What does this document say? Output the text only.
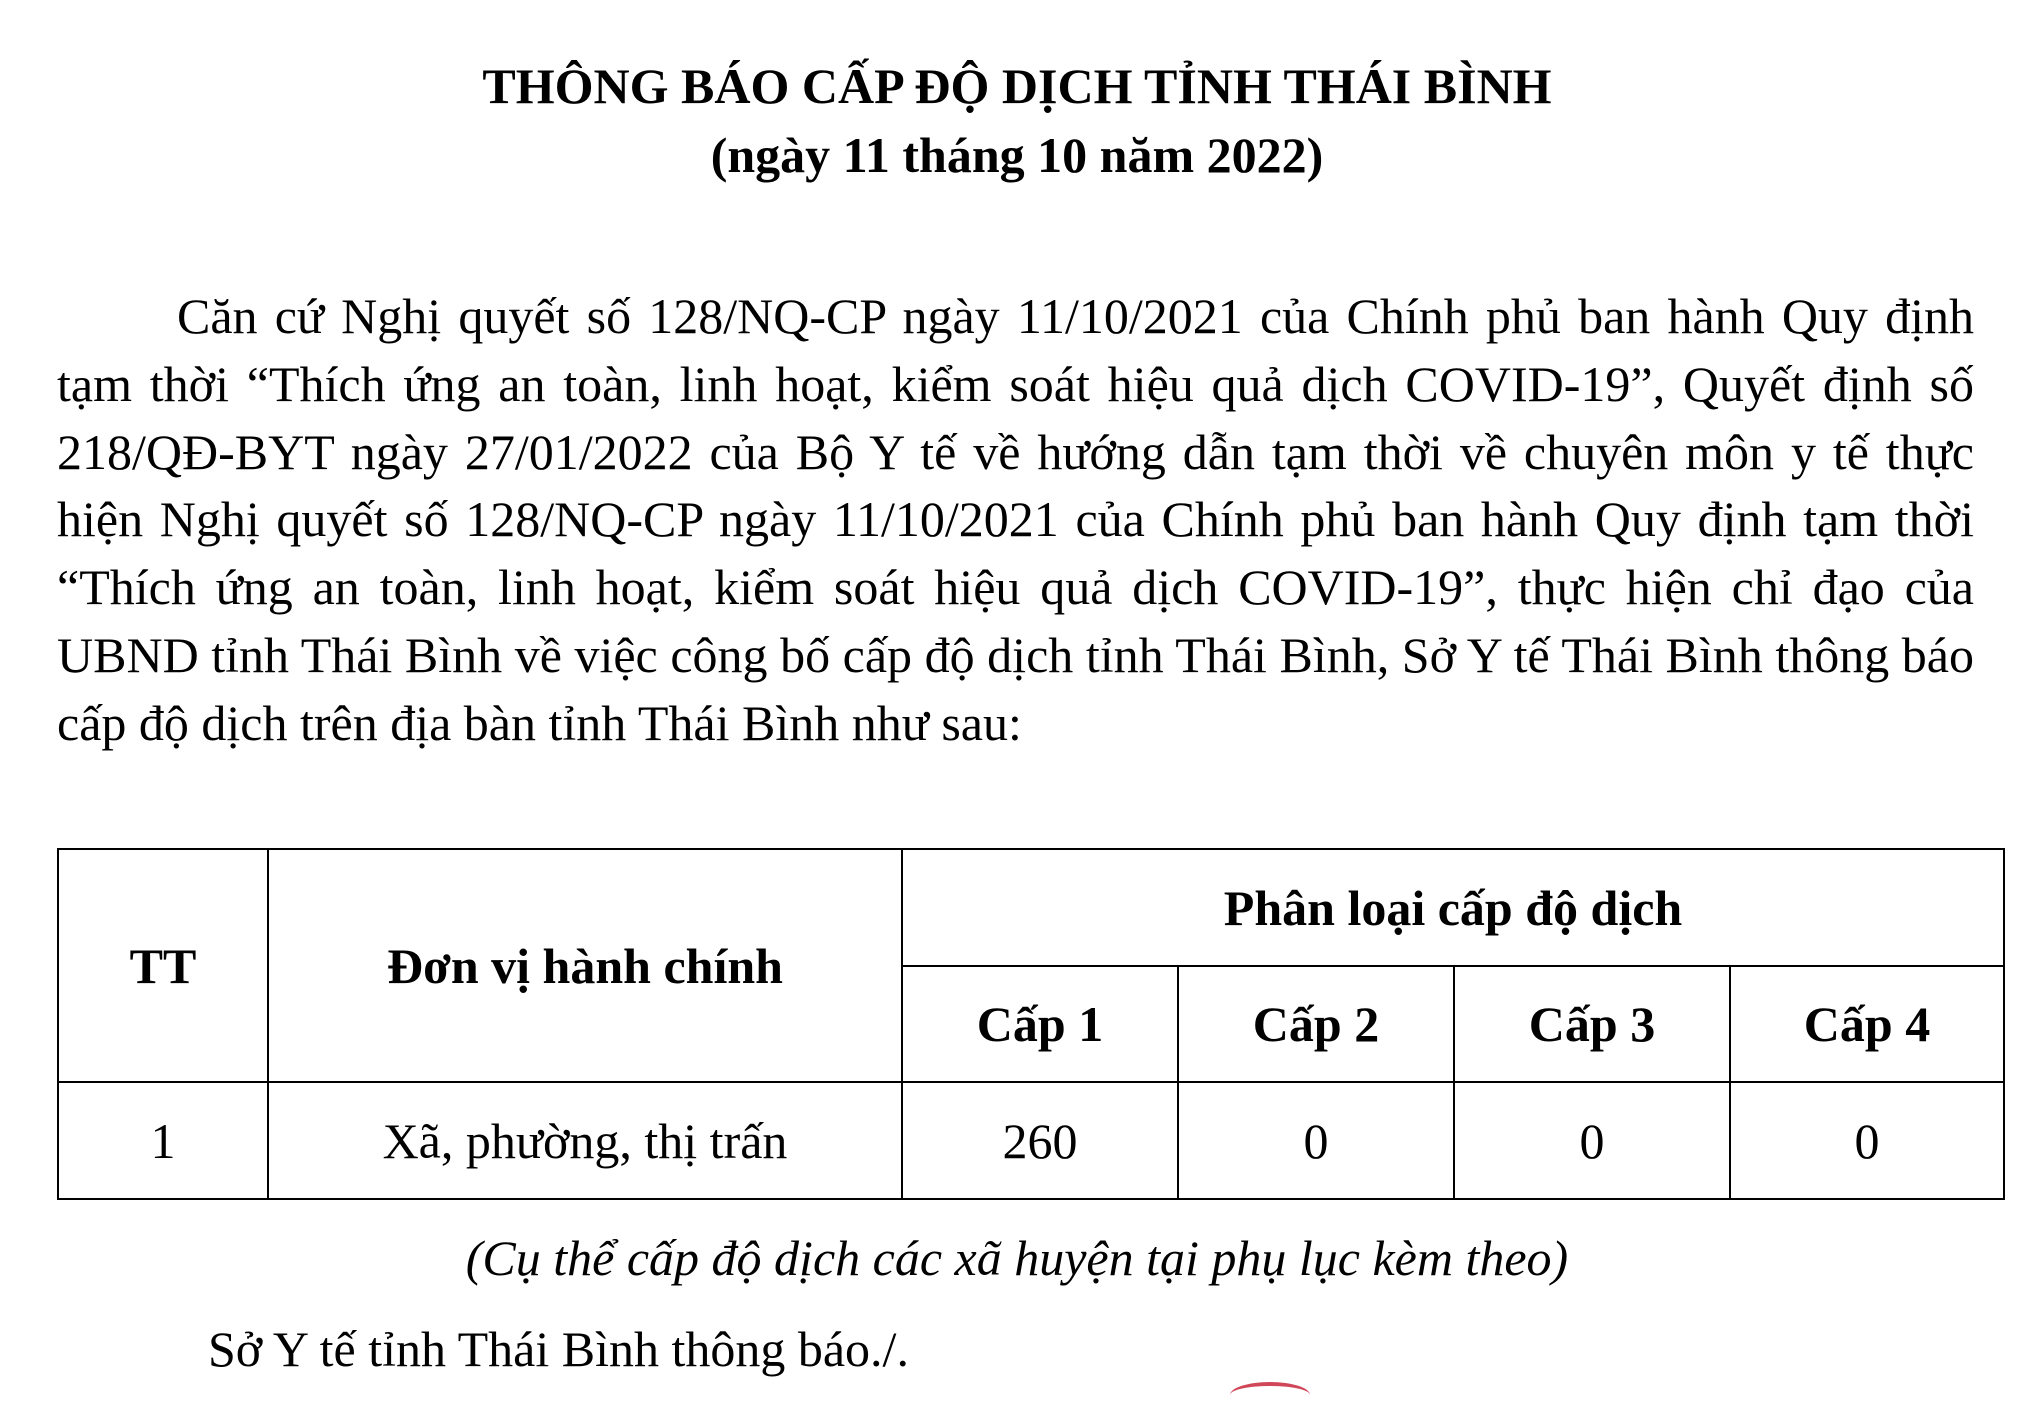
THÔNG BÁO CẤP ĐỘ DỊCH TỈNH THÁI BÌNH
(ngày 11 tháng 10 năm 2022)

Căn cứ Nghị quyết số 128/NQ-CP ngày 11/10/2021 của Chính phủ ban hành Quy định tạm thời “Thích ứng an toàn, linh hoạt, kiểm soát hiệu quả dịch COVID-19”, Quyết định số 218/QĐ-BYT ngày 27/01/2022 của Bộ Y tế về hướng dẫn tạm thời về chuyên môn y tế thực hiện Nghị quyết số 128/NQ-CP ngày 11/10/2021 của Chính phủ ban hành Quy định tạm thời “Thích ứng an toàn, linh hoạt, kiểm soát hiệu quả dịch COVID-19”, thực hiện chỉ đạo của UBND tỉnh Thái Bình về việc công bố cấp độ dịch tỉnh Thái Bình, Sở Y tế Thái Bình thông báo cấp độ dịch trên địa bàn tỉnh Thái Bình như sau:

TT	Đơn vị hành chính	Phân loại cấp độ dịch			
		Cấp 1	Cấp 2	Cấp 3	Cấp 4
1	Xã, phường, thị trấn	260	0	0	0

(Cụ thể cấp độ dịch các xã huyện tại phụ lục kèm theo)

Sở Y tế tỉnh Thái Bình thông báo./.
